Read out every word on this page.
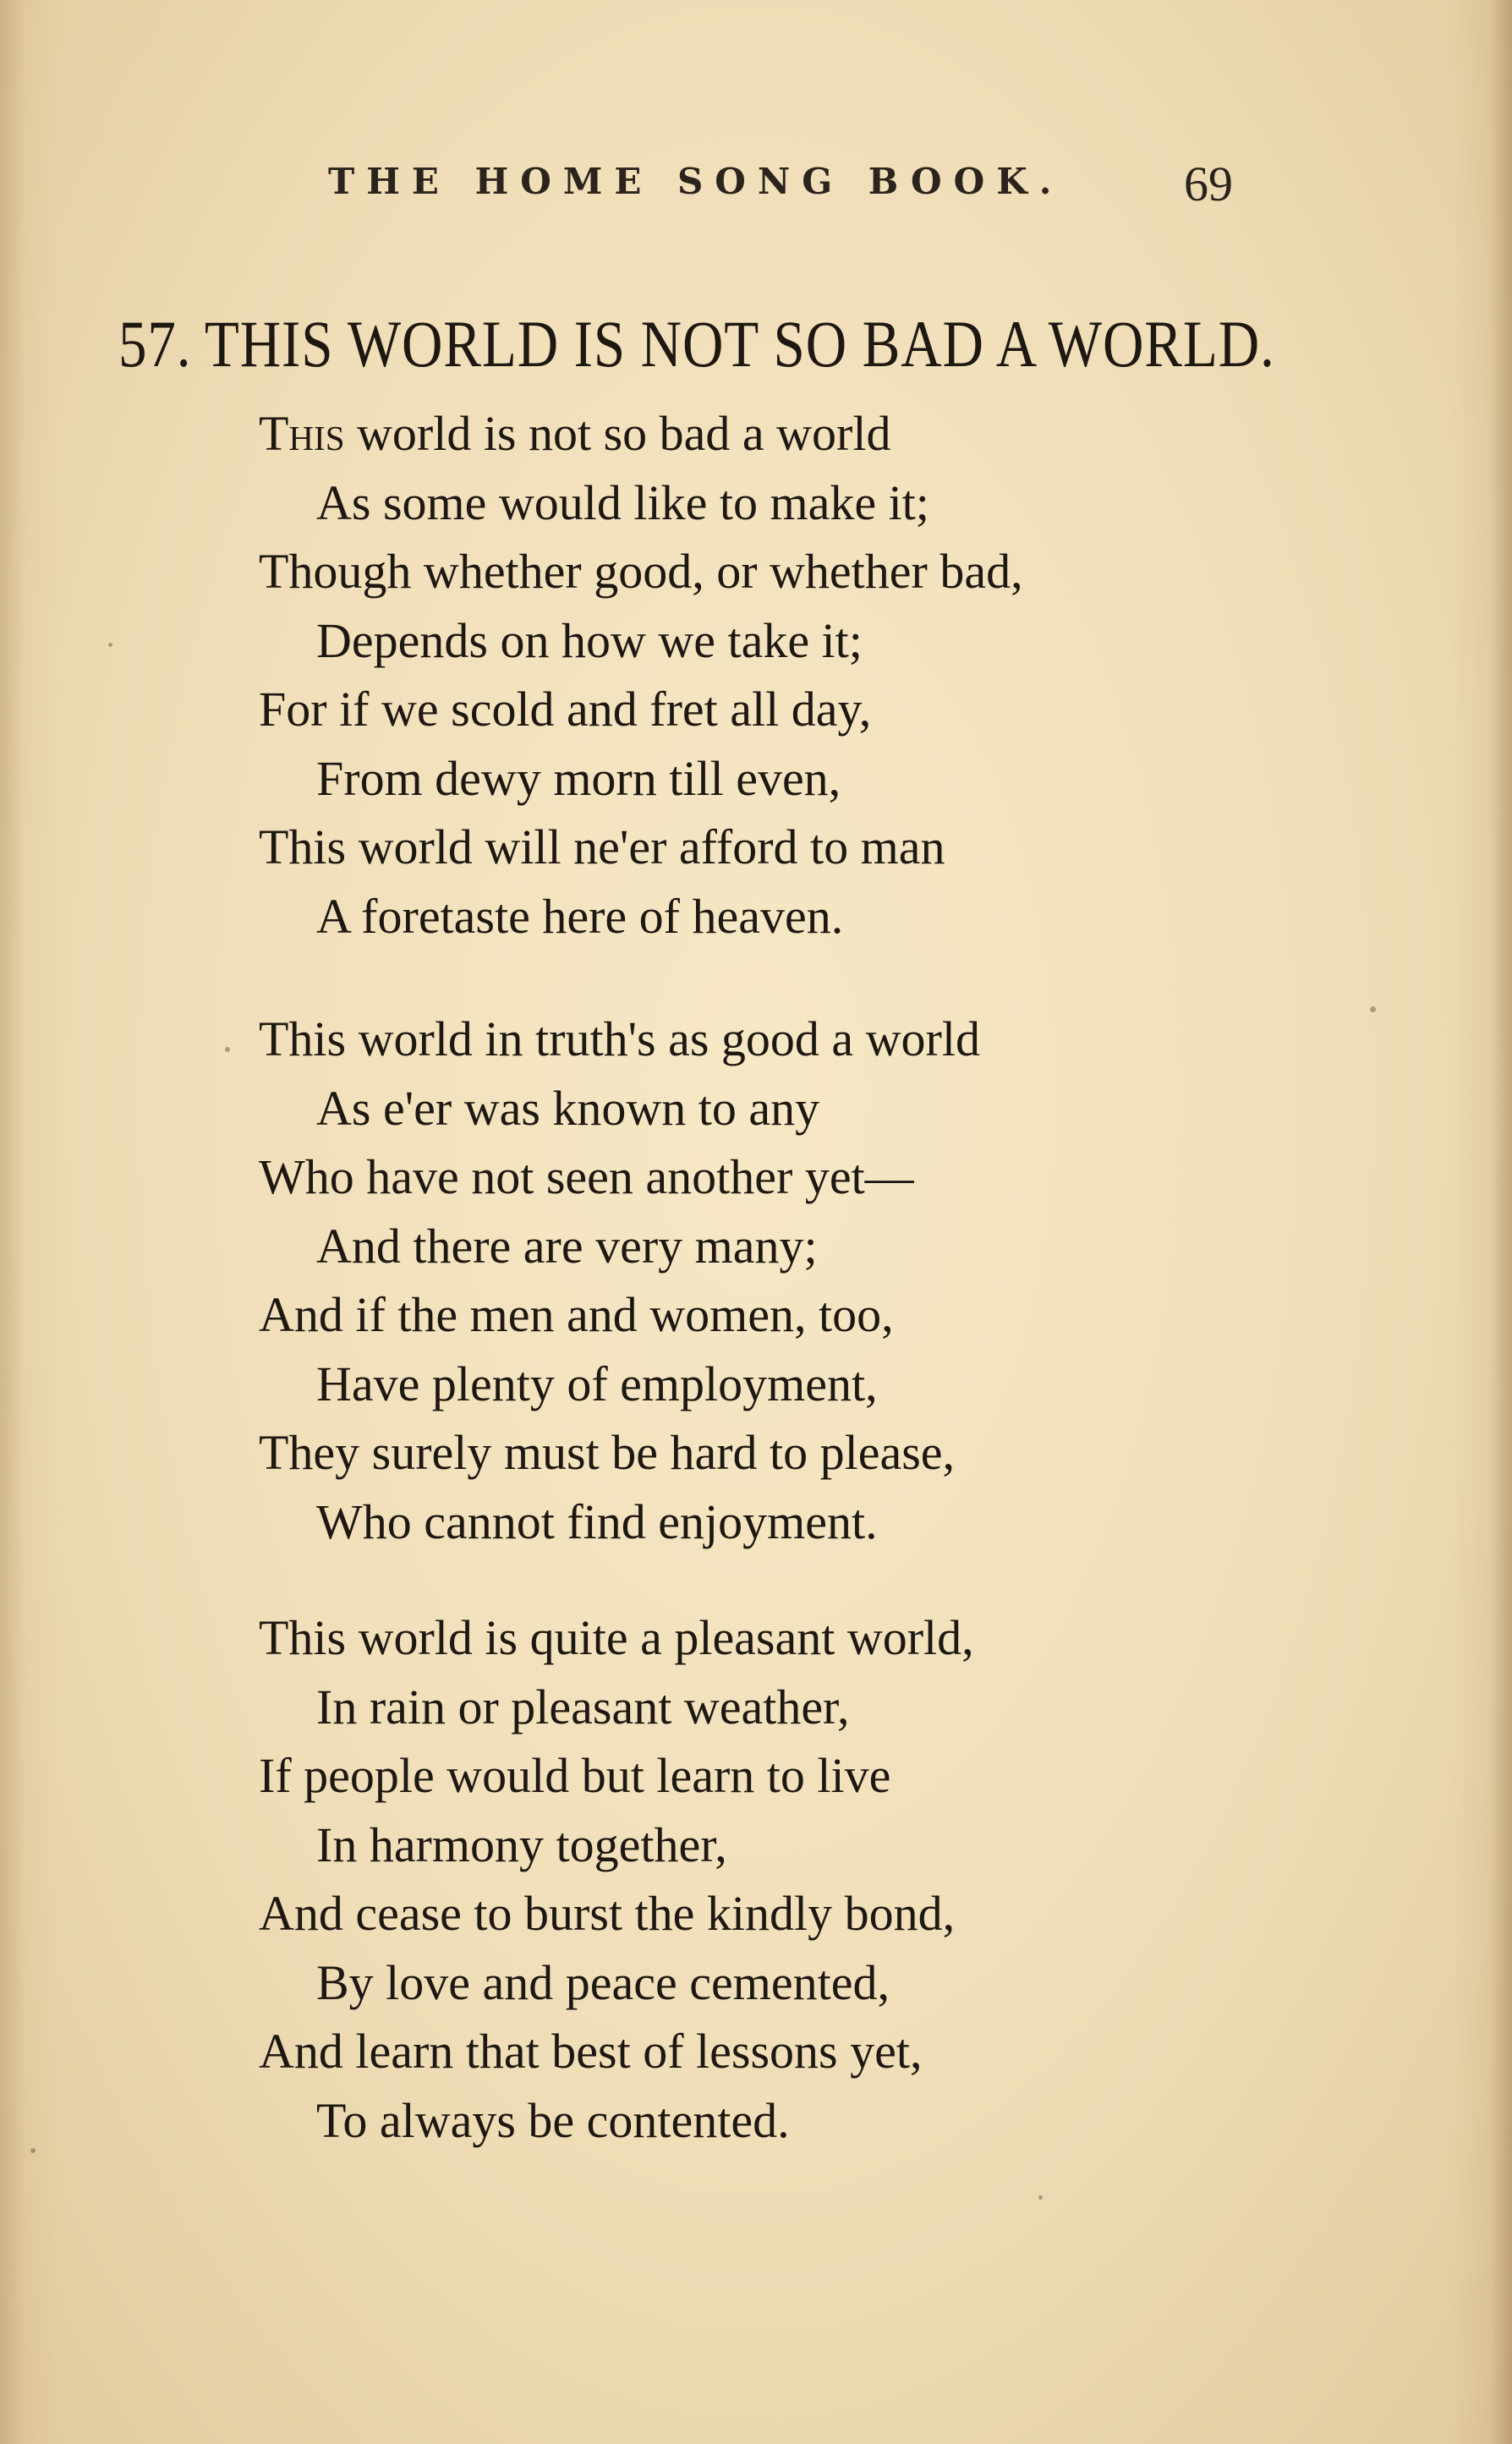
THE HOME SONG BOOK. 69
57. THIS WORLD IS NOT SO BAD A WORLD.
This world is not so bad a world
As some would like to make it;
Though whether good, or whether bad,
Depends on how we take it;
For if we scold and fret all day,
From dewy morn till even,
This world will ne'er afford to man
A foretaste here of heaven.
This world in truth's as good a world
As e'er was known to any
Who have not seen another yet—
And there are very many;
And if the men and women, too,
Have plenty of employment,
They surely must be hard to please,
Who cannot find enjoyment.
This world is quite a pleasant world,
In rain or pleasant weather,
If people would but learn to live
In harmony together,
And cease to burst the kindly bond,
By love and peace cemented,
And learn that best of lessons yet,
To always be contented.
